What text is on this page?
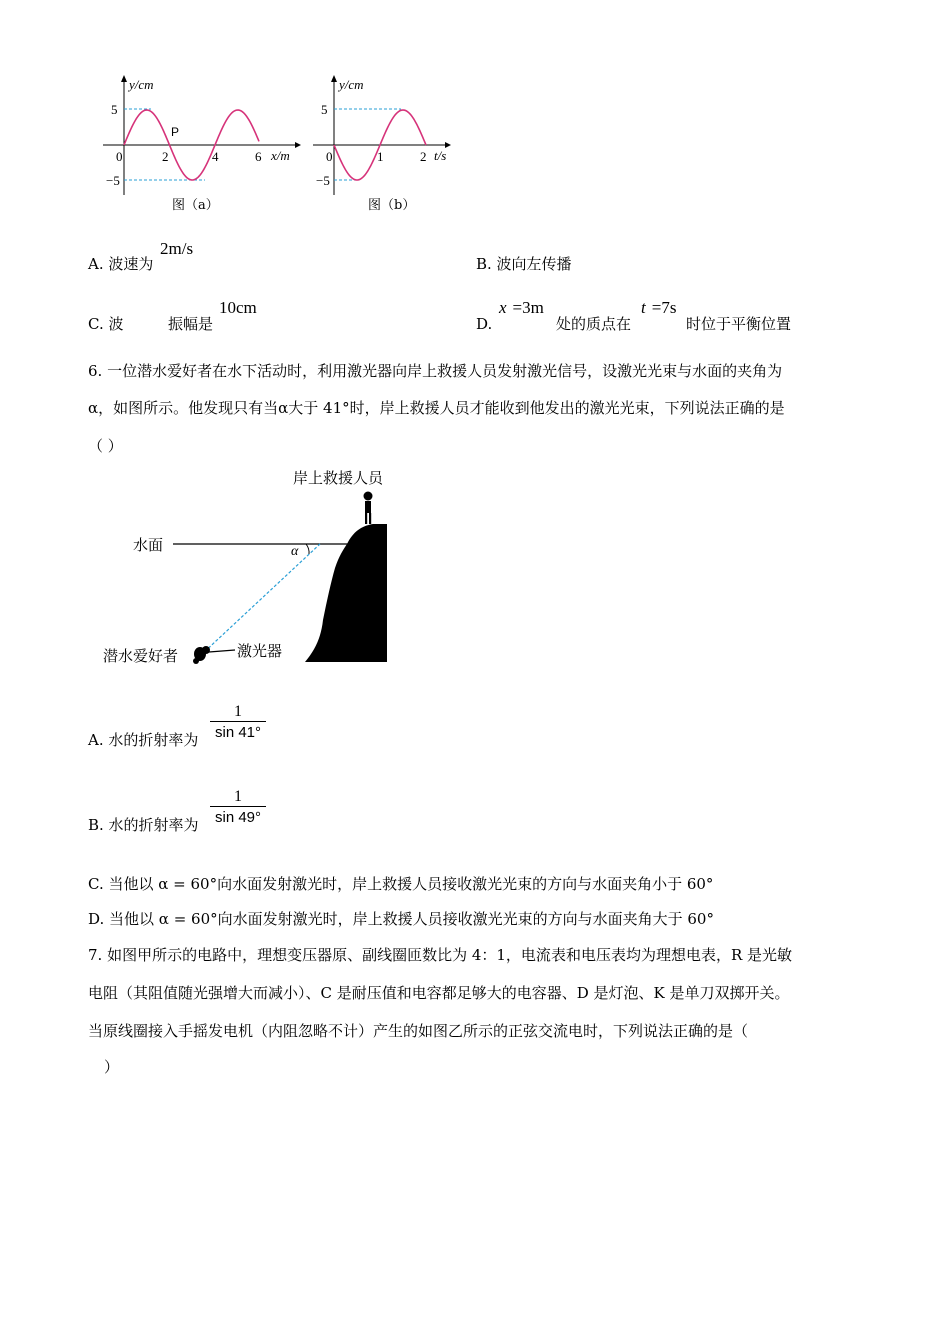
y/cm
5
−5
0	2	4	6 x/m
P
图（a）
y/cm
5
−5
0	1	2 t/s
图（b）
A. 波速为
2m/s
B. 波向左传播
C. 波	振幅是
10cm
D.
x =3m
处的质点在
t =7s
时位于平衡位置
6. 一位潜水爱好者在水下活动时，利用激光器向岸上救援人员发射激光信号，设激光光束与水面的夹角为
α，如图所示。他发现只有当α大于 41°时，岸上救援人员才能收到他发出的激光光束，下列说法正确的是
（ ）
岸上救援人员
水面	α
潜水爱好者	激光器
A. 水的折射率为 $\frac{1}{\sin 41^\circ}$
B. 水的折射率为 $\frac{1}{\sin 49^\circ}$
C. 当他以 α = 60°向水面发射激光时，岸上救援人员接收激光光束的方向与水面夹角小于 60°
D. 当他以 α = 60°向水面发射激光时，岸上救援人员接收激光光束的方向与水面夹角大于 60°
7. 如图甲所示的电路中，理想变压器原、副线圈匝数比为 4：1，电流表和电压表均为理想电表，R 是光敏
电阻（其阻值随光强增大而减小）、C 是耐压值和电容都足够大的电容器、D 是灯泡、K 是单刀双掷开关。
当原线圈接入手摇发电机（内阻忽略不计）产生的如图乙所示的正弦交流电时，下列说法正确的是（
）
